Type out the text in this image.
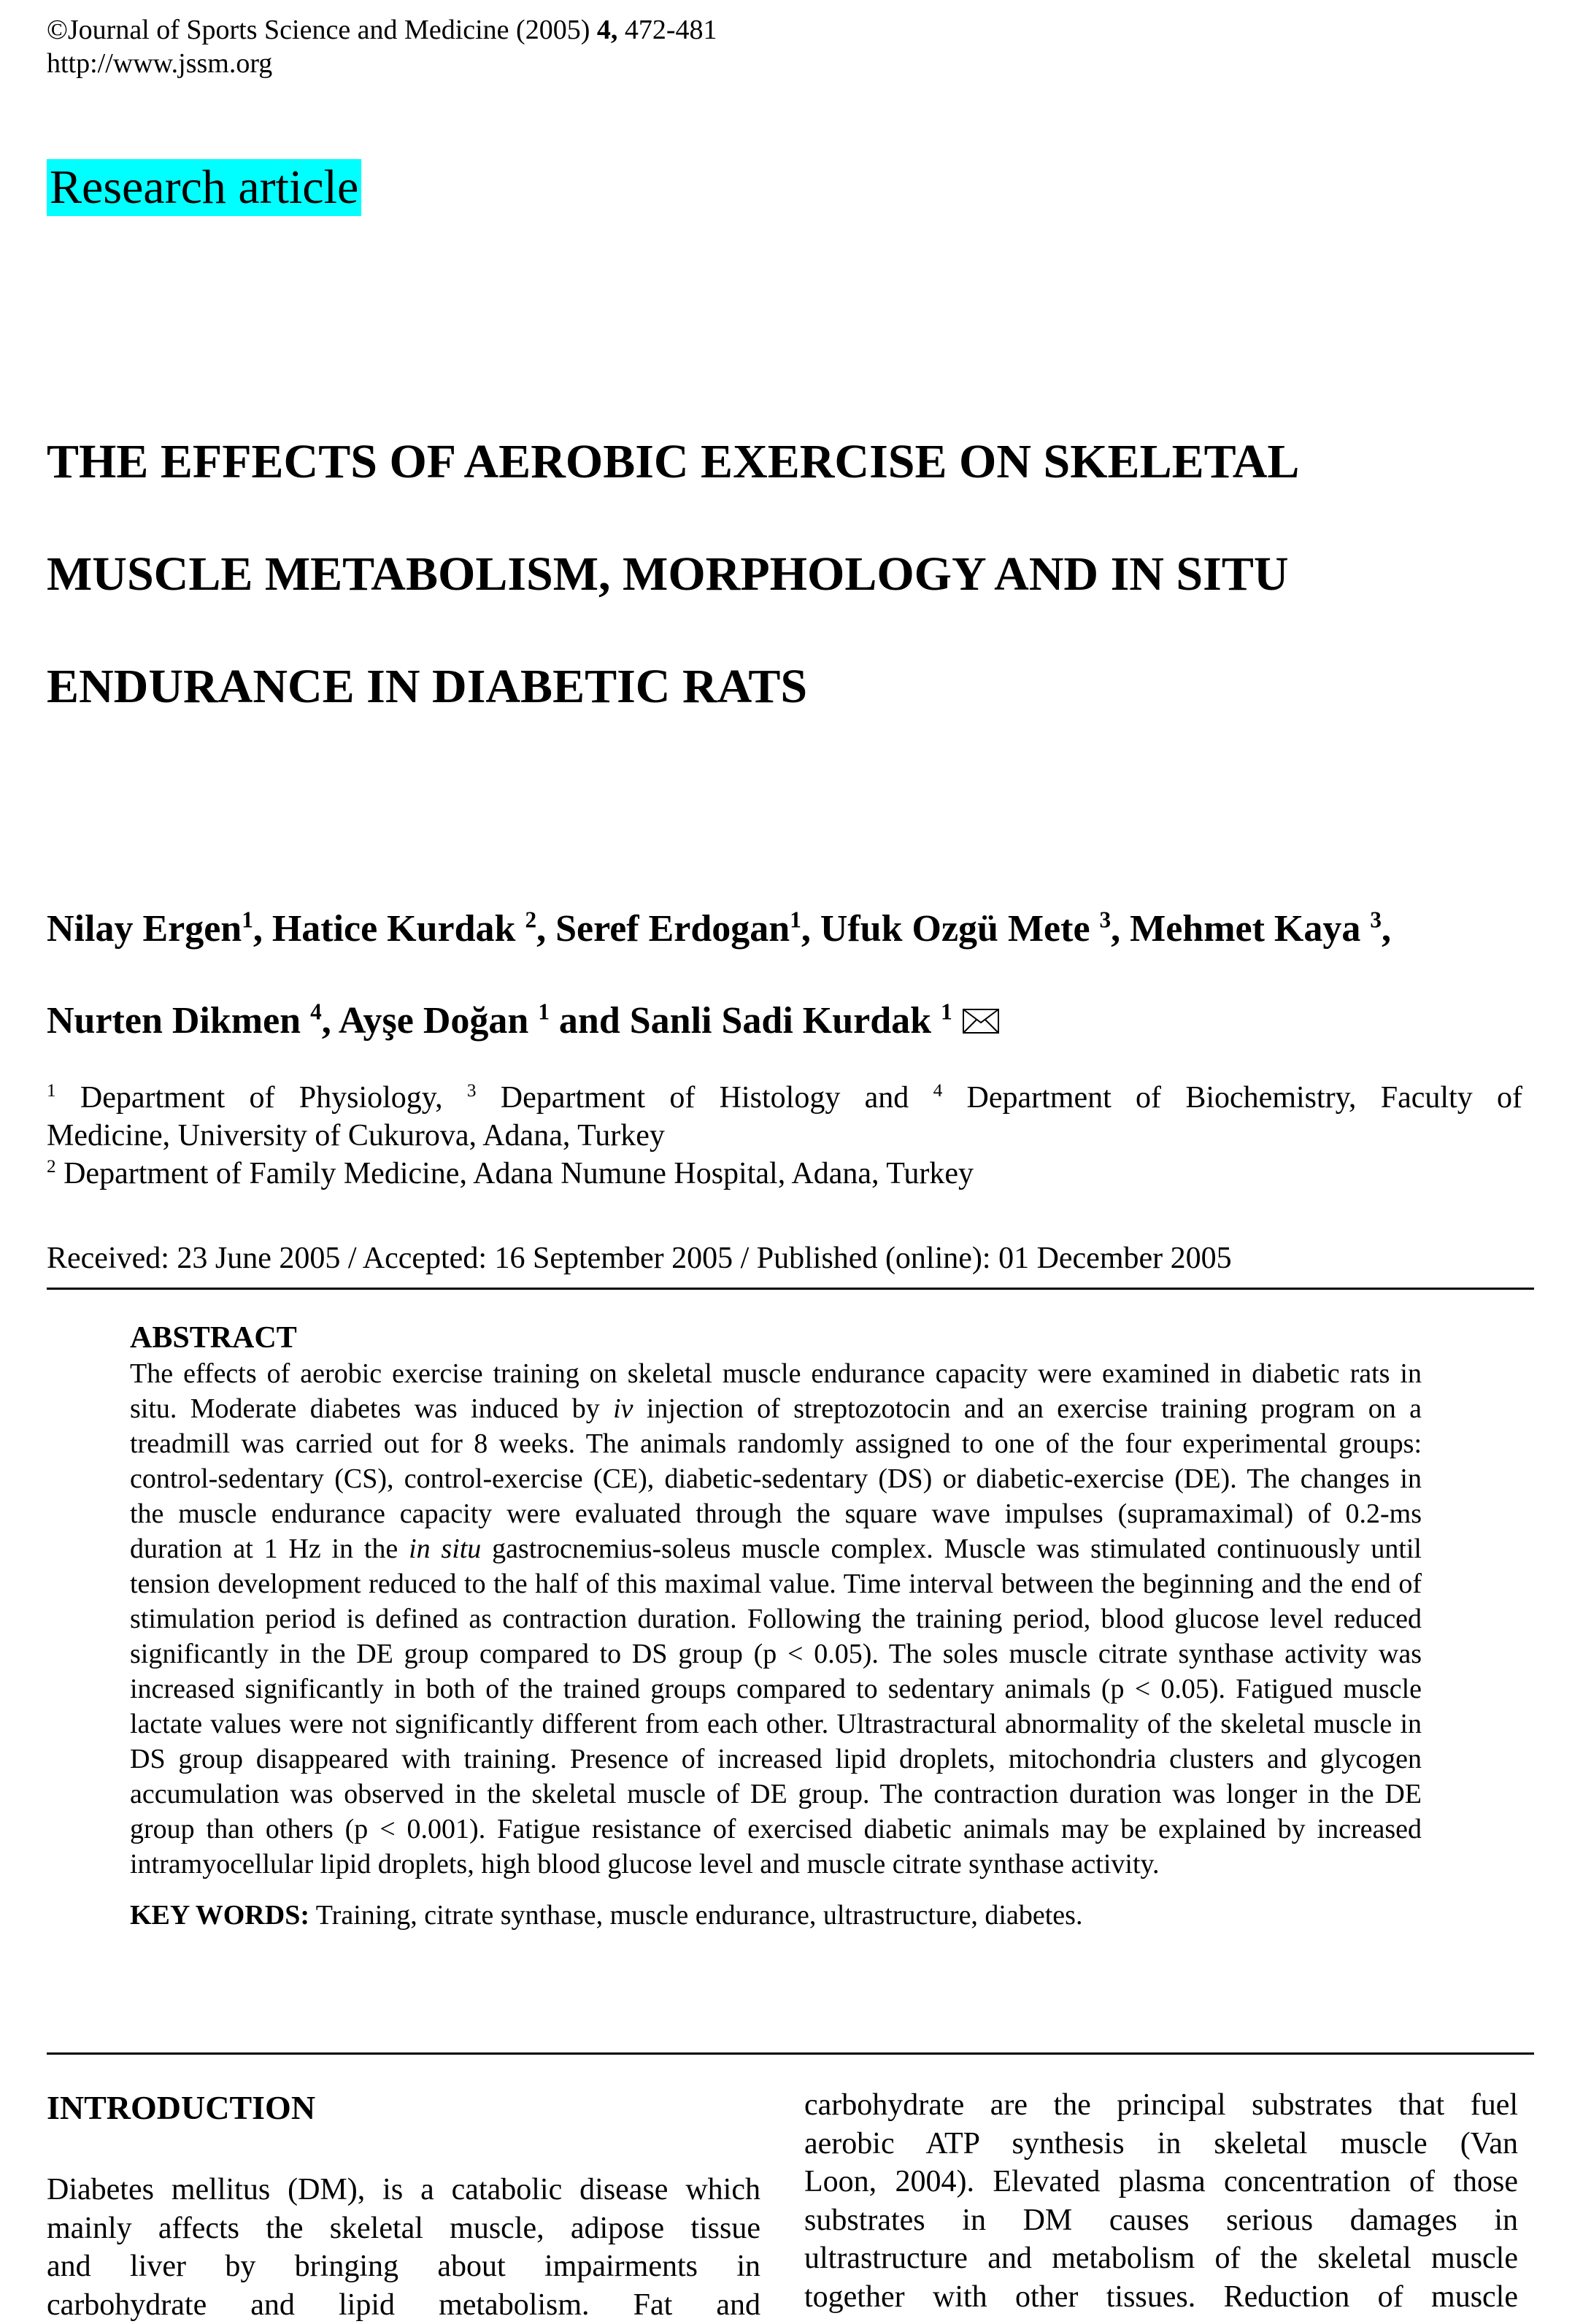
©Journal of Sports Science and Medicine (2005) 4, 472-481
http://www.jssm.org
Research article
THE EFFECTS OF AEROBIC EXERCISE ON SKELETAL
MUSCLE METABOLISM, MORPHOLOGY AND IN SITU
ENDURANCE IN DIABETIC RATS
Nilay Ergen$^1$, Hatice Kurdak $^2$, Seref Erdogan$^1$, Ufuk Ozgü Mete $^3$, Mehmet Kaya $^3$,
Nurten Dikmen $^4$, Ayşe Doğan $^1$ and Sanli Sadi Kurdak $^1$
$^1$ Department of Physiology, $^3$ Department of Histology and $^4$ Department of Biochemistry, Faculty of
Medicine, University of Cukurova, Adana, Turkey
$^2$ Department of Family Medicine, Adana Numune Hospital, Adana, Turkey
Received: 23 June 2005 / Accepted: 16 September 2005 / Published (online): 01 December 2005
ABSTRACT

The effects of aerobic exercise training on skeletal muscle endurance capacity were examined in diabetic rats in situ. Moderate diabetes was induced by iv injection of streptozotocin and an exercise training program on a treadmill was carried out for 8 weeks. The animals randomly assigned to one of the four experimental groups: control-sedentary (CS), control-exercise (CE), diabetic-sedentary (DS) or diabetic-exercise (DE). The changes in the muscle endurance capacity were evaluated through the square wave impulses (supramaximal) of 0.2-ms duration at 1 Hz in the in situ gastrocnemius-soleus muscle complex. Muscle was stimulated continuously until tension development reduced to the half of this maximal value. Time interval between the beginning and the end of stimulation period is defined as contraction duration. Following the training period, blood glucose level reduced significantly in the DE group compared to DS group (p < 0.05). The soles muscle citrate synthase activity was increased significantly in both of the trained groups compared to sedentary animals (p < 0.05). Fatigued muscle lactate values were not significantly different from each other. Ultrastractural abnormality of the skeletal muscle in DS group disappeared with training. Presence of increased lipid droplets, mitochondria clusters and glycogen accumulation was observed in the skeletal muscle of DE group. The contraction duration was longer in the DE group than others (p < 0.001). Fatigue resistance of exercised diabetic animals may be explained by increased intramyocellular lipid droplets, high blood glucose level and muscle citrate synthase activity.

KEY WORDS: Training, citrate synthase, muscle endurance, ultrastructure, diabetes.
INTRODUCTION
Diabetes mellitus (DM), is a catabolic disease which
mainly affects the skeletal muscle, adipose tissue
and liver by bringing about impairments in
carbohydrate and lipid metabolism. Fat and
carbohydrate are the principal substrates that fuel
aerobic ATP synthesis in skeletal muscle (Van
Loon, 2004). Elevated plasma concentration of those
substrates in DM causes serious damages in
ultrastructure and metabolism of the skeletal muscle
together with other tissues. Reduction of muscle
